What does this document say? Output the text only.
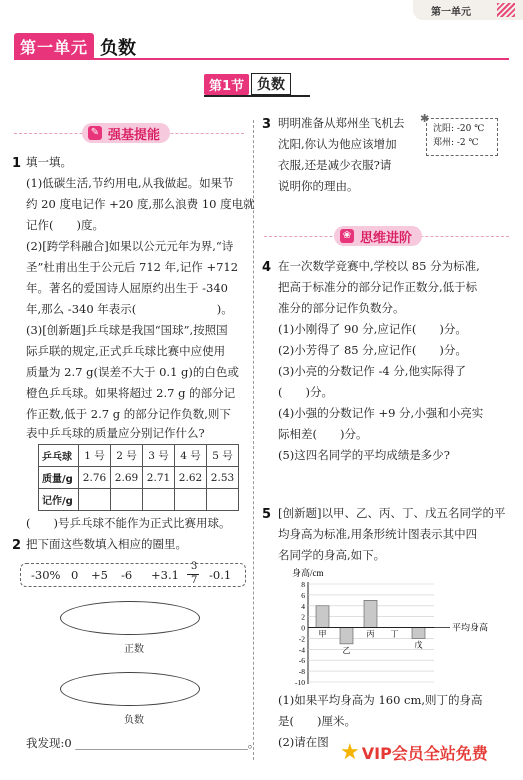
第一单元
第一单元 负数
第1节 负数
✎ 强基提能
1 填一填。
(1)低碳生活,节约用电,从我做起。如果节
约 20 度电记作 +20 度,那么浪费 10 度电就
记作(　　)度。
(2)[跨学科融合]如果以公元元年为界,“诗
圣”杜甫出生于公元后 712 年,记作 +712
年。著名的爱国诗人屈原约出生于 -340
年,那么 -340 年表示(　　　　　　　)。
(3)[创新题]乒乓球是我国“国球”,按照国
际乒联的规定,正式乒乓球比赛中应使用
质量为 2.7 g(误差不大于 0.1 g)的白色或
橙色乒乓球。如果将超过 2.7 g 的部分记
作正数,低于 2.7 g 的部分记作负数,则下
表中乒乓球的质量应分别记作什么?
乒乓球	1 号	2 号	3 号	4 号	5 号
质量/g	2.76	2.69	2.71	2.62	2.53
记作/g					
(　　)号乒乓球不能作为正式比赛用球。
2 把下面这些数填入相应的圈里。
-30% 0 +5 -6 +3.1
3
7 -0.1
正数
负数
我发现:0 ______________________________。
3 明明准备从郑州坐飞机去
沈阳,你认为他应该增加
衣服,还是减少衣服?请
说明你的理由。
沈阳: -20 ℃
郑州: -2 ℃
✱
❀ 思维进阶
4 在一次数学竞赛中,学校以 85 分为标准,
把高于标准分的部分记作正数分,低于标
准分的部分记作负数分。
(1)小刚得了 90 分,应记作(　　)分。
(2)小芳得了 85 分,应记作(　　)分。
(3)小亮的分数记作 -4 分,他实际得了
(　　)分。
(4)小强的分数记作 +9 分,小强和小亮实
际相差(　　)分。
(5)这四名同学的平均成绩是多少?
5 [创新题]以甲、乙、丙、丁、戊五名同学的平
均身高为标准,用条形统计图表示其中四
名同学的身高,如下。
身高/cm
8
6
4
2
0
-2
-4
-6
-8
-10
甲
乙
丙 丁
戊
平均身高
(1)如果平均身高为 160 cm,则丁的身高
是(　　)厘米。
(2)请在图 ★ VIP会员全站免费
